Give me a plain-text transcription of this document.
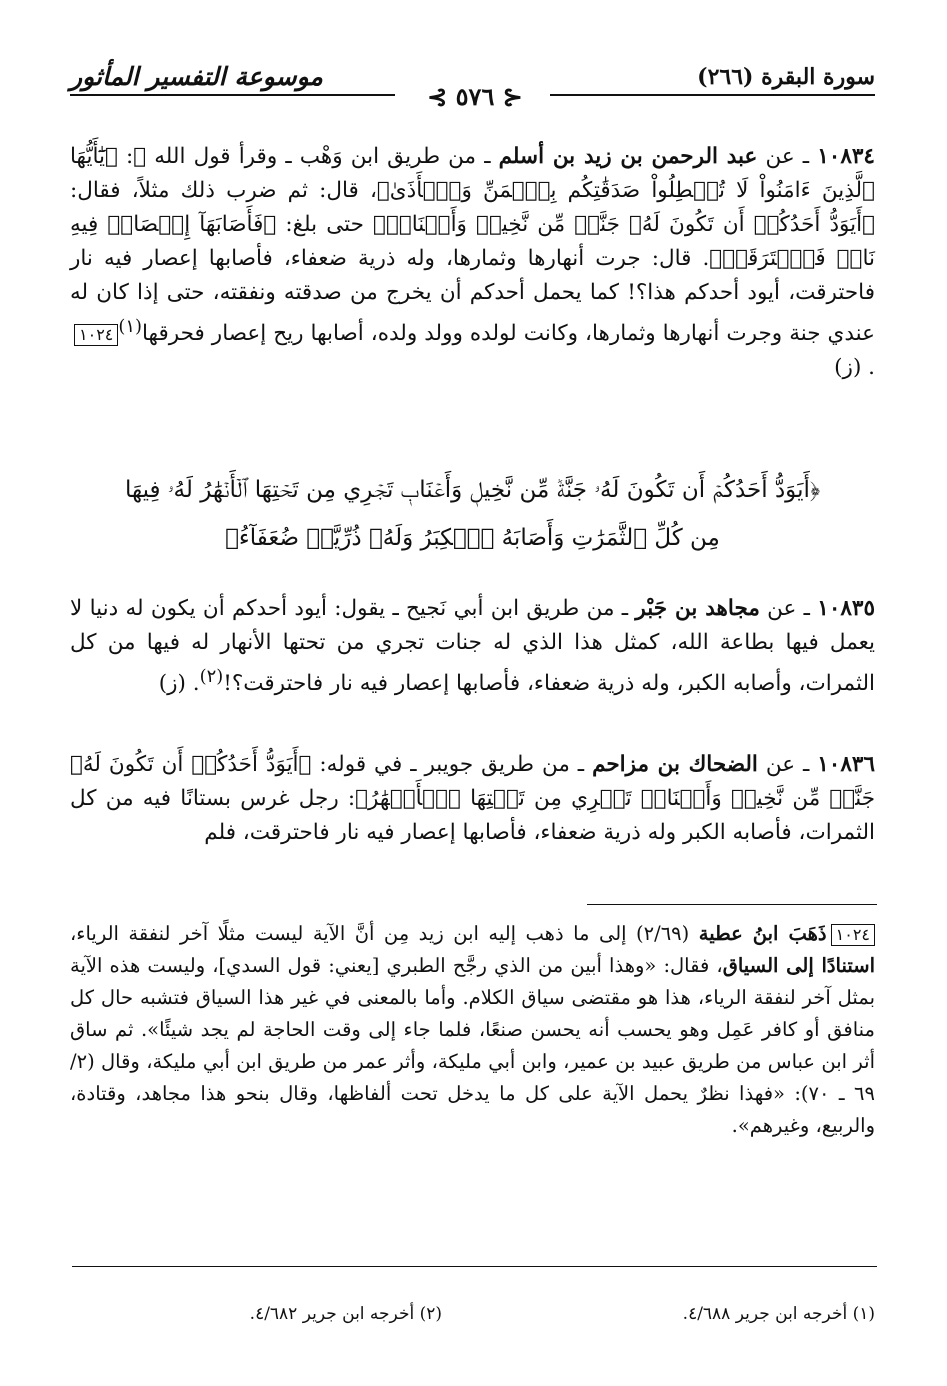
موسوعة التفسير المأثور	سورة البقرة (٢٦٦)
⊰ ٥٧٦ ⊱
١٠٨٣٤ ـ عن عبد الرحمن بن زيد بن أسلم ـ من طريق ابن وَهْب ـ وقرأ قول الله ﷻ: ﴿يَٰٓأَيُّهَا ٱلَّذِينَ ءَامَنُواْ لَا تُبۡطِلُواْ صَدَقَٰتِكُم بِٱلۡمَنِّ وَٱلۡأَذَىٰ﴾، قال: ثم ضرب ذلك مثلاً، فقال: ﴿أَيَوَدُّ أَحَدُكُمۡ أَن تَكُونَ لَهُۥ جَنَّةٞ مِّن نَّخِيلٖ وَأَعۡنَابٖ﴾ حتى بلغ: ﴿فَأَصَابَهَآ إِعۡصَارٞ فِيهِ نَارٞ فَٱحۡتَرَقَتۡ﴾. قال: جرت أنهارها وثمارها، وله ذرية ضعفاء، فأصابها إعصار فيه نار فاحترقت، أيود أحدكم هذا؟! كما يحمل أحدكم أن يخرج من صدقته ونفقته، حتى إذا كان له عندي جنة وجرت أنهارها وثمارها، وكانت لولده وولد ولده، أصابها ريح إعصار فحرقها$^{(١)}$١٠٢٤. (ز)
﴿أَيَوَدُّ أَحَدُكُمۡ أَن تَكُونَ لَهُۥ جَنَّةٞ مِّن نَّخِيلٖ وَأَعۡنَابٖ تَجۡرِي مِن تَحۡتِهَا ٱلۡأَنۡهَٰرُ لَهُۥ فِيهَا
مِن كُلِّ ٱلثَّمَرَٰتِ وَأَصَابَهُ ٱلۡكِبَرُ وَلَهُۥ ذُرِّيَّةٞ ضُعَفَآءُ﴾
١٠٨٣٥ ـ عن مجاهد بن جَبْر ـ من طريق ابن أبي نَجيح ـ يقول: أيود أحدكم أن يكون له دنيا لا يعمل فيها بطاعة الله، كمثل هذا الذي له جنات تجري من تحتها الأنهار له فيها من كل الثمرات، وأصابه الكبر، وله ذرية ضعفاء، فأصابها إعصار فيه نار فاحترقت؟!$^{(٢)}$. (ز)
١٠٨٣٦ ـ عن الضحاك بن مزاحم ـ من طريق جويبر ـ في قوله: ﴿أَيَوَدُّ أَحَدُكُمۡ أَن تَكُونَ لَهُۥ جَنَّةٞ مِّن نَّخِيلٖ وَأَعۡنَابٖ تَجۡرِي مِن تَحۡتِهَا ٱلۡأَنۡهَٰرُ﴾: رجل غرس بستانًا فيه من كل الثمرات، فأصابه الكبر وله ذرية ضعفاء، فأصابها إعصار فيه نار فاحترقت، فلم
١٠٢٤ذَهَبَ ابنُ عطية (٢/٦٩) إلى ما ذهب إليه ابن زيد مِن أنَّ الآية ليست مثلًا آخر لنفقة الرياء، استنادًا إلى السياق، فقال: «وهذا أبين من الذي رجَّح الطبري [يعني: قول السدي]، وليست هذه الآية بمثل آخر لنفقة الرياء، هذا هو مقتضى سياق الكلام. وأما بالمعنى في غير هذا السياق فتشبه حال كل منافق أو كافر عَمِل وهو يحسب أنه يحسن صنعًا، فلما جاء إلى وقت الحاجة لم يجد شيئًا». ثم ساق أثر ابن عباس من طريق عبيد بن عمير، وابن أبي مليكة، وأثر عمر من طريق ابن أبي مليكة، وقال (٢/ ٦٩ ـ ٧٠): «فهذا نظرٌ يحمل الآية على كل ما يدخل تحت ألفاظها، وقال بنحو هذا مجاهد، وقتادة، والربيع، وغيرهم».
(١) أخرجه ابن جرير ٤/٦٨٨.
(٢) أخرجه ابن جرير ٤/٦٨٢.
